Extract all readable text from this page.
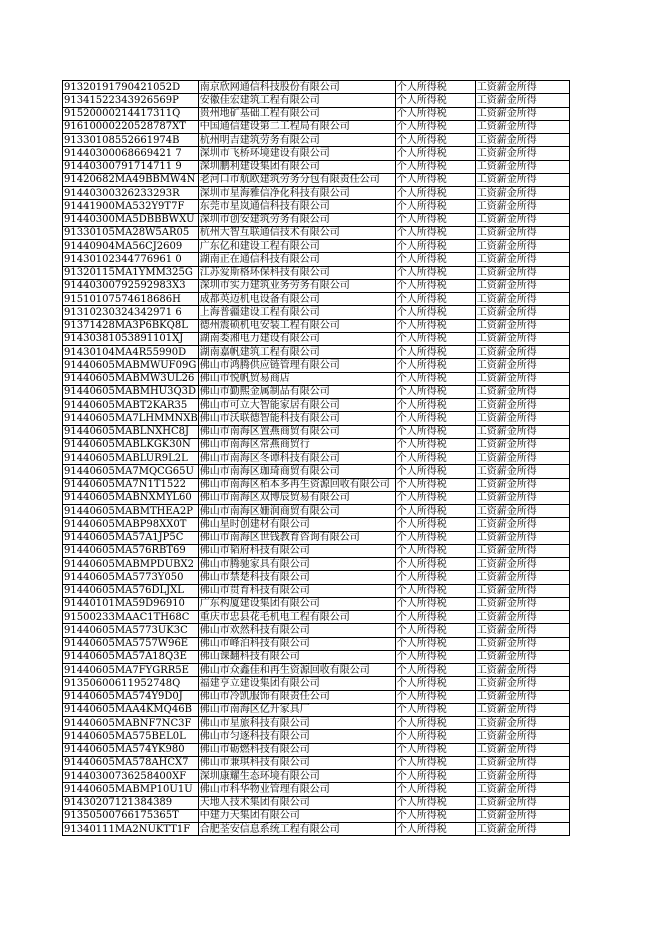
91320191790421052D	南京欣网通信科技股份有限公司	个人所得税	工资薪金所得
91341522343926569P	安徽佳宏建筑工程有限公司	个人所得税	工资薪金所得
91520000214417311Q	贵州地矿基础工程有限公司	个人所得税	工资薪金所得
91610000220528787XT	中国通信建设第二工程局有限公司	个人所得税	工资薪金所得
91330108552661974B	杭州明吉建筑劳务有限公司	个人所得税	工资薪金所得
91440300068669421 7	深圳市飞桥环境建设有限公司	个人所得税	工资薪金所得
91440300791714711 9	深圳鹏利建设集团有限公司	个人所得税	工资薪金所得
91420682MA49BBMW4N	老河口市航欧建筑劳务分包有限责任公司	个人所得税	工资薪金所得
91440300326233293R	深圳市星海雅信净化科技有限公司	个人所得税	工资薪金所得
91441900MA532Y9T7F	东莞市星岚通信科技有限公司	个人所得税	工资薪金所得
91440300MA5DBBBWXU	深圳市创安建筑劳务有限公司	个人所得税	工资薪金所得
91330105MA28W5AR05	杭州大智互联通信技术有限公司	个人所得税	工资薪金所得
91440904MA56CJ2609	广东亿和建设工程有限公司	个人所得税	工资薪金所得
91430102344776961 0	湖南正在通信科技有限公司	个人所得税	工资薪金所得
91320115MA1YMM325G	江苏爱斯格环保科技有限公司	个人所得税	工资薪金所得
91440300792592983X3	深圳市实力建筑业务劳务有限公司	个人所得税	工资薪金所得
91510107574618686H	成都英迈机电设备有限公司	个人所得税	工资薪金所得
91310230324342971 6	上海普疆建设工程有限公司	个人所得税	工资薪金所得
91371428MA3P6BKQ8L	德州震硕机电安装工程有限公司	个人所得税	工资薪金所得
91430381053891101XJ	湖南娄湘电力建设有限公司	个人所得税	工资薪金所得
91430104MA4R55990D	湖南嘉帆建筑工程有限公司	个人所得税	工资薪金所得
91440605MABMWUF09G	佛山市鸿腾供应链管理有限公司	个人所得税	工资薪金所得
91440605MABMW3UL26	佛山市悦帆贸易商店	个人所得税	工资薪金所得
91440605MABMHU3Q3D	佛山市勤熙金属制品有限公司	个人所得税	工资薪金所得
91440605MABT2KAR35	佛山市可立大智能家居有限公司	个人所得税	工资薪金所得
91440605MA7LHMMNXB	佛山市沃联德智能科技有限公司	个人所得税	工资薪金所得
91440605MABLNXHC8J	佛山市南海区置燕商贸有限公司	个人所得税	工资薪金所得
91440605MABLKGK30N	佛山市南海区常燕商贸行	个人所得税	工资薪金所得
91440605MABLUR9L2L	佛山市南海区冬谭科技有限公司	个人所得税	工资薪金所得
91440605MA7MQCG65U	佛山市南海区珈琦商贸有限公司	个人所得税	工资薪金所得
91440605MA7N1T1522	佛山市南海区栢本多再生资源回收有限公司	个人所得税	工资薪金所得
91440605MABNXMYL60	佛山市南海区双博辰贸易有限公司	个人所得税	工资薪金所得
91440605MABMTHEA2P	佛山市南海区姗润商贸有限公司	个人所得税	工资薪金所得
91440605MABP98XX0T	佛山星时创建材有限公司	个人所得税	工资薪金所得
91440605MA57A1JP5C	佛山市南海区世钱教育咨询有限公司	个人所得税	工资薪金所得
91440605MA576RBT69	佛山市韬府科技有限公司	个人所得税	工资薪金所得
91440605MABMPDUBX2	佛山市腾驰家具有限公司	个人所得税	工资薪金所得
91440605MA5773Y050	佛山市禁楚科技有限公司	个人所得税	工资薪金所得
91440605MA576DLJXL	佛山市贯育科技有限公司	个人所得税	工资薪金所得
91440101MA59D96910	广东构厦建设集团有限公司	个人所得税	工资薪金所得
91500233MAAC1TH68C	重庆市忠县花毛机电工程有限公司	个人所得税	工资薪金所得
91440605MA5773UK3C	佛山市欢然科技有限公司	个人所得税	工资薪金所得
91440605MA5757W96E	佛山市峰泊科技有限公司	个人所得税	工资薪金所得
91440605MA57A18Q3E	佛山课翻科技有限公司	个人所得税	工资薪金所得
91440605MA7FYGRR5E	佛山市众鑫佳和再生资源回收有限公司	个人所得税	工资薪金所得
91350600611952748Q	福建亨立建设集团有限公司	个人所得税	工资薪金所得
91440605MA574Y9D0J	佛山市冷凯服饰有限责任公司	个人所得税	工资薪金所得
91440605MAA4KMQ46B	佛山市南海区亿升家具厂	个人所得税	工资薪金所得
91440605MABNF7NC3F	佛山市星旅科技有限公司	个人所得税	工资薪金所得
91440605MA575BEL0L	佛山市匀逐科技有限公司	个人所得税	工资薪金所得
91440605MA574YK980	佛山市砺燃科技有限公司	个人所得税	工资薪金所得
91440605MA578AHCX7	佛山市兼琪科技有限公司	个人所得税	工资薪金所得
91440300736258400XF	深圳康耀生态环境有限公司	个人所得税	工资薪金所得
91440605MABMP10U1U	佛山市科华物业管理有限公司	个人所得税	工资薪金所得
91430207121384389	天地人技术集团有限公司	个人所得税	工资薪金所得
91350500766175365T	中建力天集团有限公司	个人所得税	工资薪金所得
91340111MA2NUKTT1F	合肥荃安信息系统工程有限公司	个人所得税	工资薪金所得
